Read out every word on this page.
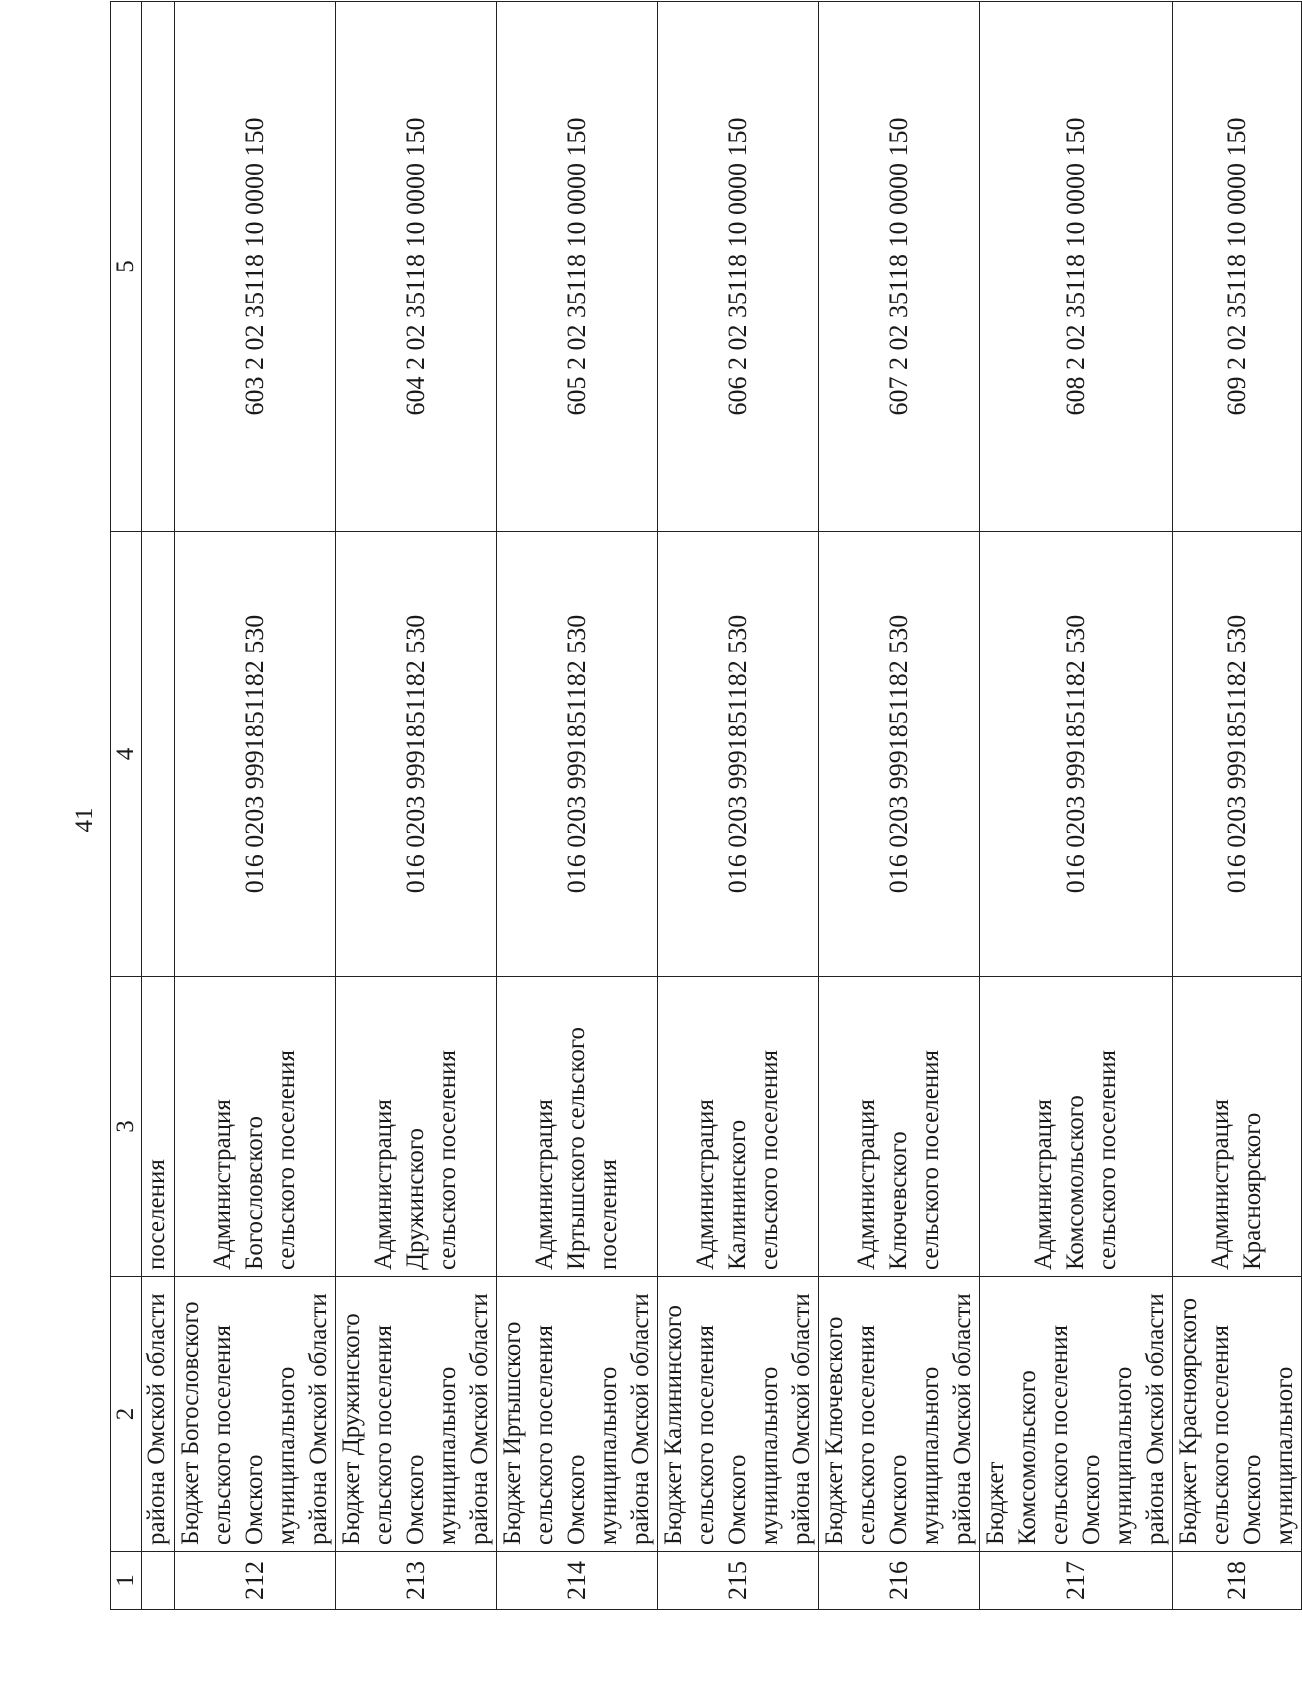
41
1	2	3	4	5
	района Омской области	поселения		
212	Бюджет Богословского
сельского поселения
Омского муниципального
района Омской области	Администрация
Богословского
сельского поселения	016 0203 9991851182 530	603 2 02 35118 10 0000 150
213	Бюджет Дружинского
сельского поселения
Омского муниципального
района Омской области	Администрация
Дружинского
сельского поселения	016 0203 9991851182 530	604 2 02 35118 10 0000 150
214	Бюджет Иртышского
сельского поселения
Омского муниципального
района Омской области	Администрация
Иртышского сельского
поселения	016 0203 9991851182 530	605 2 02 35118 10 0000 150
215	Бюджет Калининского
сельского поселения
Омского муниципального
района Омской области	Администрация
Калининского
сельского поселения	016 0203 9991851182 530	606 2 02 35118 10 0000 150
216	Бюджет Ключевского
сельского поселения
Омского муниципального
района Омской области	Администрация
Ключевского
сельского поселения	016 0203 9991851182 530	607 2 02 35118 10 0000 150
217	Бюджет Комсомольского
сельского поселения
Омского муниципального
района Омской области	Администрация
Комсомольского
сельского поселения	016 0203 9991851182 530	608 2 02 35118 10 0000 150
218	Бюджет Красноярского
сельского поселения
Омского муниципального	Администрация
Красноярского	016 0203 9991851182 530	609 2 02 35118 10 0000 150
